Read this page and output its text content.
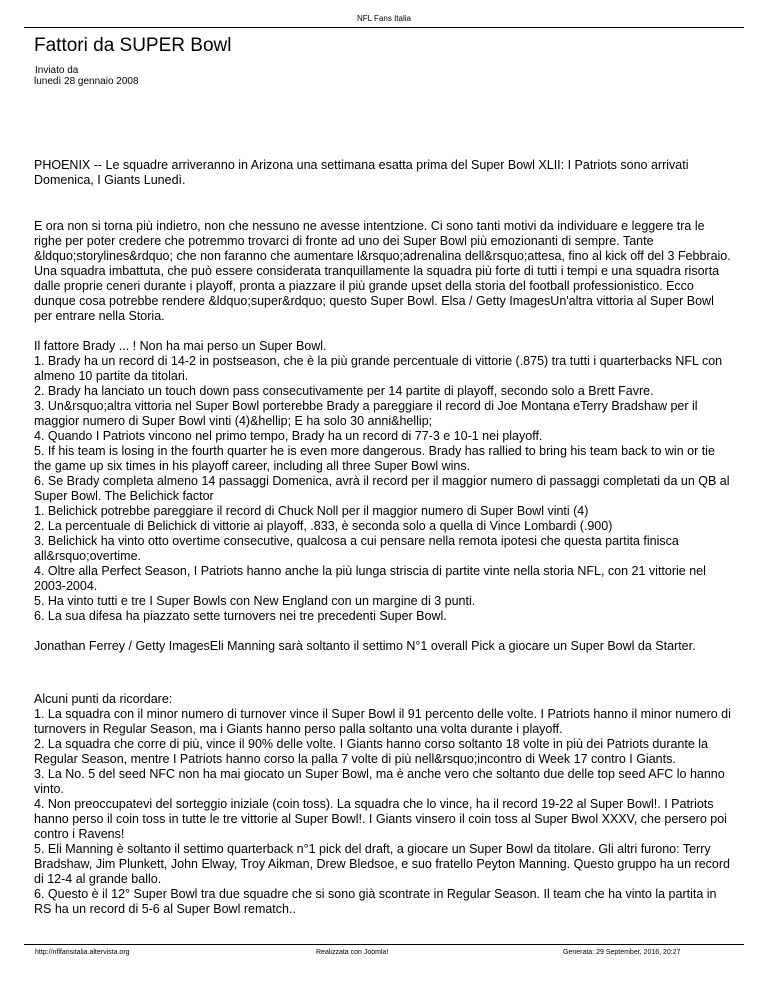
NFL Fans Italia
Fattori da SUPER Bowl
Inviato da
lunedì 28 gennaio 2008

PHOENIX -- Le squadre arriveranno in Arizona una settimana esatta prima del Super Bowl XLII: I Patriots sono arrivati Domenica, I Giants Lunedì.

E ora non si torna più indietro, non che nessuno ne avesse intentzione. Ci sono tanti motivi da individuare e leggere tra le righe per poter credere che potremmo trovarci di fronte ad uno dei Super Bowl più emozionanti di sempre. Tante &ldquo;storylines&rdquo; che non faranno che aumentare l&rsquo;adrenalina dell&rsquo;attesa, fino al kick off del 3 Febbraio. Una squadra imbattuta, che può essere considerata tranquillamente la squadra più forte di tutti i tempi e una squadra risorta dalle proprie ceneri durante i playoff, pronta a piazzare il più grande upset della storia del football professionistico. Ecco dunque cosa potrebbe rendere &ldquo;super&rdquo; questo Super Bowl. Elsa / Getty ImagesUn'altra vittoria al Super Bowl per entrare nella Storia.

Il fattore Brady ... ! Non ha mai perso un Super Bowl.
1. Brady ha un record di 14-2 in postseason, che è la più grande percentuale di vittorie (.875) tra tutti i quarterbacks NFL con almeno 10 partite da titolari.
2. Brady ha lanciato un touch down pass consecutivamente per 14 partite di playoff, secondo solo a Brett Favre.
3. Un&rsquo;altra vittoria nel Super Bowl porterebbe Brady a pareggiare il record di Joe Montana eTerry Bradshaw per il maggior numero di Super Bowl vinti (4)&hellip; E ha solo 30 anni&hellip;
4. Quando I Patriots vincono nel primo tempo, Brady ha un record di 77-3 e 10-1 nei playoff.
5. If his team is losing in the fourth quarter he is even more dangerous. Brady has rallied to bring his team back to win or tie the game up six times in his playoff career, including all three Super Bowl wins.
6. Se Brady completa almeno 14 passaggi Domenica, avrà il record per il maggior numero di passaggi completati da un QB al Super Bowl. The Belichick factor
1. Belichick potrebbe pareggiare il record di Chuck Noll per il maggior numero di Super Bowl vinti (4)
2. La percentuale di Belichick di vittorie ai playoff, .833, è seconda solo a quella di Vince Lombardi (.900)
3. Belichick ha vinto otto overtime consecutive, qualcosa a cui pensare nella remota ipotesi che questa partita finisca all&rsquo;overtime.
4. Oltre alla Perfect Season, I Patriots hanno anche la più lunga striscia di partite vinte nella storia NFL, con 21 vittorie nel 2003-2004.
5. Ha vinto tutti e tre I Super Bowls con New England con un margine di 3 punti.
6. La sua difesa ha piazzato sette turnovers nei tre precedenti Super Bowl.

Jonathan Ferrey / Getty ImagesEli Manning sarà soltanto il settimo N°1 overall Pick a giocare un Super Bowl da Starter.

Alcuni punti da ricordare:
1. La squadra con il minor numero di turnover vince il Super Bowl il 91 percento delle volte. I Patriots hanno il minor numero di turnovers in Regular Season, ma i Giants hanno perso palla soltanto una volta durante i playoff.
2. La squadra che corre di più, vince il 90% delle volte. I Giants hanno corso soltanto 18 volte in più dei Patriots durante la Regular Season, mentre I Patriots hanno corso la palla 7 volte di più nell&rsquo;incontro di Week 17 contro I Giants.
3. La No. 5 del seed NFC non ha mai giocato un Super Bowl, ma è anche vero che soltanto due delle top seed AFC lo hanno vinto.
4. Non preoccupatevi del sorteggio iniziale (coin toss). La squadra che lo vince, ha il record 19-22 al Super Bowl!. I Patriots hanno perso il coin toss in tutte le tre vittorie al Super Bowl!. I Giants vinsero il coin toss al Super Bwol XXXV, che persero poi contro i Ravens!
5. Eli Manning è soltanto il settimo quarterback n°1 pick del draft, a giocare un Super Bowl da titolare. Gli altri furono: Terry Bradshaw, Jim Plunkett, John Elway, Troy Aikman, Drew Bledsoe, e suo fratello Peyton Manning. Questo gruppo ha un record di 12-4 al grande ballo.
6. Questo è il 12° Super Bowl tra due squadre che si sono già scontrate in Regular Season. Il team che ha vinto la partita in RS ha un record di 5-6 al Super Bowl rematch..

http://nflfansitalia.altervista.org	Realizzata con Joomla!	Generata: 29 September, 2016, 20:27
